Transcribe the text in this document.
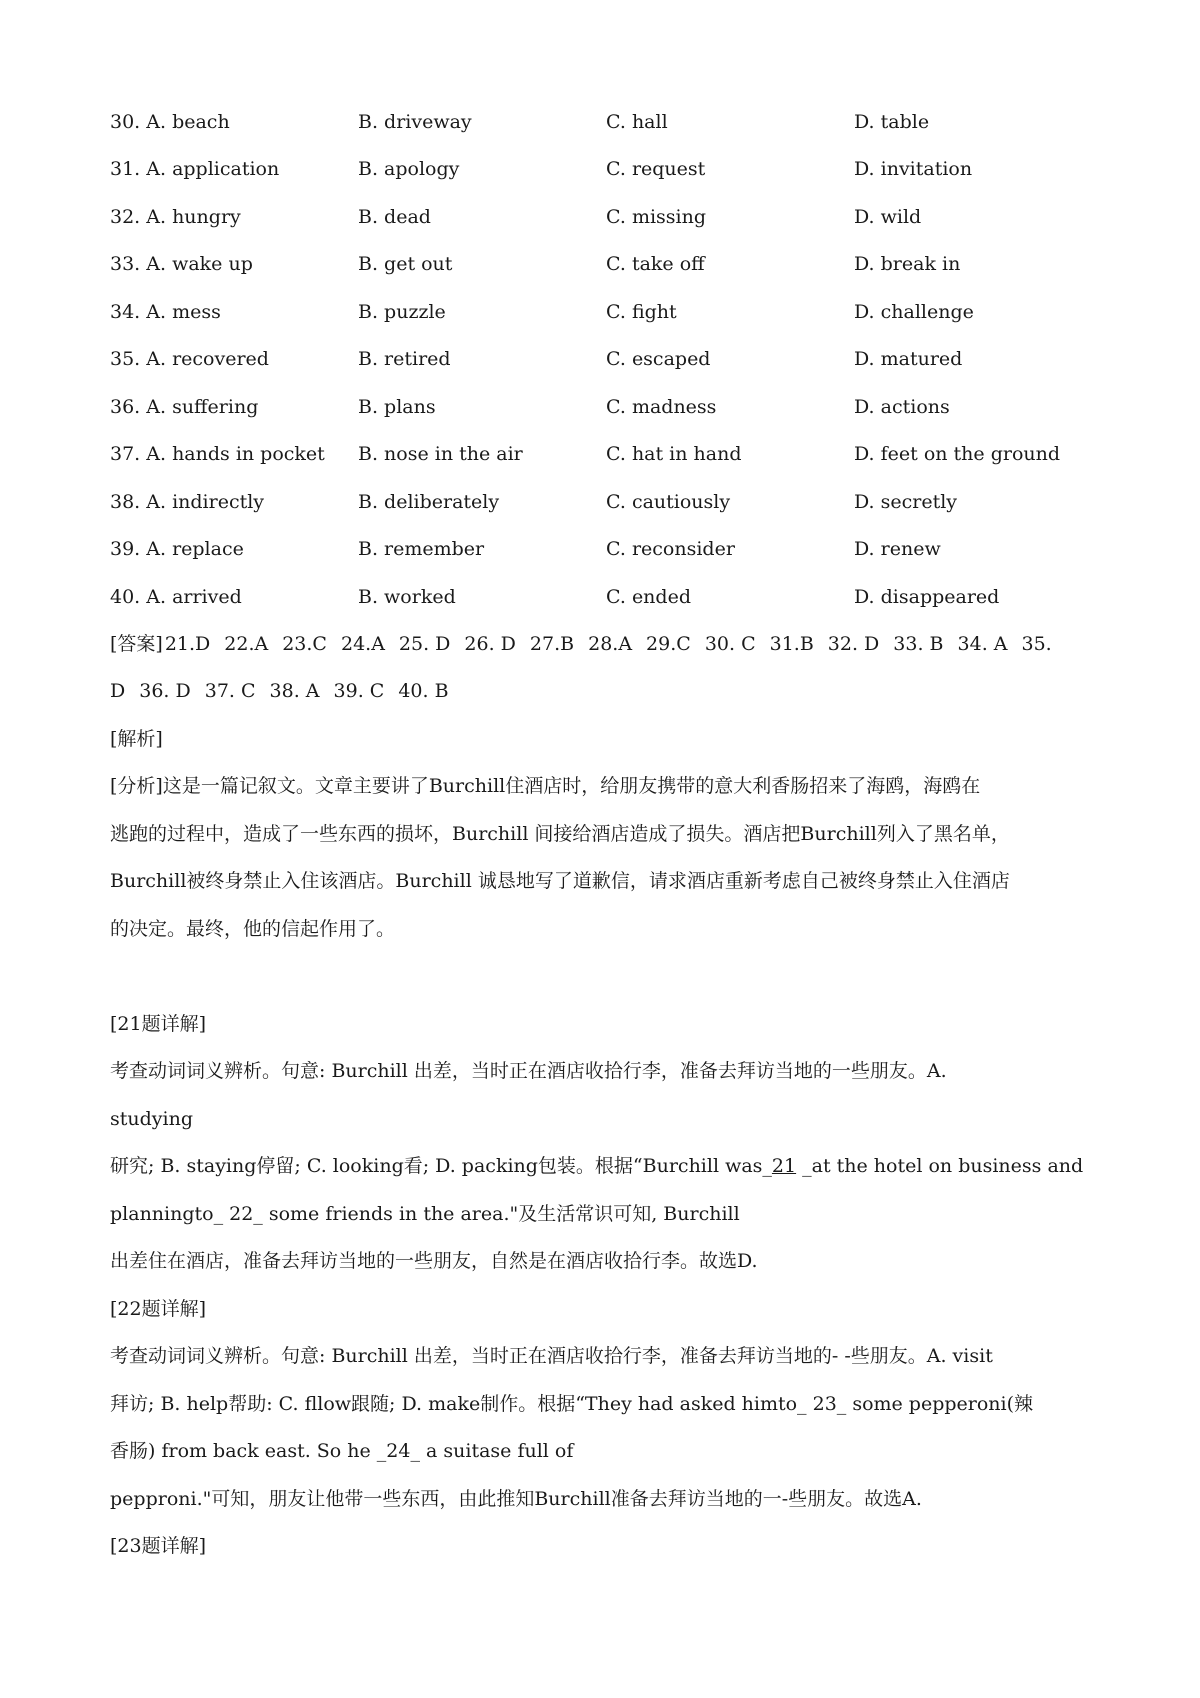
30. A. beach	B. driveway	C. hall	D. table
31. A. application	B. apology	C. request	D. invitation
32. A. hungry	B. dead	C. missing	D. wild
33. A. wake up	B. get out	C. take off	D. break in
34. A. mess	B. puzzle	C. fight	D. challenge
35. A. recovered	B. retired	C. escaped	D. matured
36. A. suffering	B. plans	C. madness	D. actions
37. A. hands in pocket	B. nose in the air	C. hat in hand	D. feet on the ground
38. A. indirectly	B. deliberately	C. cautiously	D. secretly
39. A. replace	B. remember	C. reconsider	D. renew
40. A. arrived	B. worked	C. ended	D. disappeared
[答案] 21.D 22.A 23.C 24.A 25. D 26. D 27.B 28.A 29.C 30. C 31.B 32. D 33. B 34. A 35.
D 36. D 37. C 38. A 39. C 40. B
[解析]
[分析]这是一篇记叙文。文章主要讲了Burchill住酒店时，给朋友携带的意大利香肠招来了海鸥，海鸥在
逃跑的过程中，造成了一些东西的损坏，Burchill 间接给酒店造成了损失。酒店把Burchill列入了黑名单，
Burchill被终身禁止入住该酒店。Burchill 诚恳地写了道歉信，请求酒店重新考虑自己被终身禁止入住酒店
的决定。最终，他的信起作用了。
[21题详解]
考查动词词义辨析。句意: Burchill 出差，当时正在酒店收拾行李，准备去拜访当地的一些朋友。A.
studying
研究; B. staying停留; C. looking看; D. packing包装。根据“Burchill was_21 _at the hotel on business and
planningto_ 22_ some friends in the area."及生活常识可知, Burchill
出差住在酒店，准备去拜访当地的一些朋友，自然是在酒店收拾行李。故选D.
[22题详解]
考查动词词义辨析。句意: Burchill 出差，当时正在酒店收拾行李，准备去拜访当地的- -些朋友。A. visit
拜访; B. help帮助: C. fllow跟随; D. make制作。根据“They had asked himto_ 23_ some pepperoni(辣
香肠) from back east. So he _24_ a suitase full of
pepproni."可知，朋友让他带一些东西，由此推知Burchill准备去拜访当地的一-些朋友。故选A.
[23题详解]
